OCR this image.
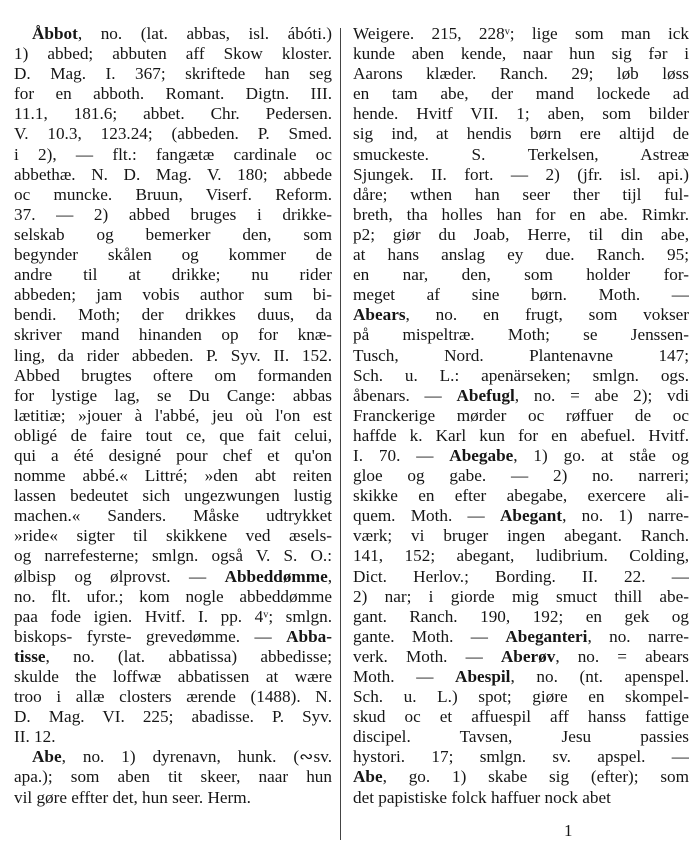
Åbbot, no. (lat. abbas, isl. ábóti.)
1) abbed; abbuten aff Skow kloster.
D. Mag. I. 367; skriftede han seg
for en abboth. Romant. Digtn. III.
11.1, 181.6; abbet. Chr. Pedersen.
V. 10.3, 123.24; (abbeden. P. Smed.
i 2), — flt.: fangætæ cardinale oc
abbethæ. N. D. Mag. V. 180; abbede
oc muncke. Bruun, Viserf. Reform.
37. — 2) abbed bruges i drikke-
selskab og bemerker den, som
begynder skålen og kommer de
andre til at drikke; nu rider
abbeden; jam vobis author sum bi-
bendi. Moth; der drikkes duus, da
skriver mand hinanden op for knæ-
ling, da rider abbeden. P. Syv. II. 152.
Abbed brugtes oftere om formanden
for lystige lag, se Du Cange: abbas
lætitiæ; »jouer à l'abbé, jeu où l'on est
obligé de faire tout ce, que fait celui,
qui a été designé pour chef et qu'on
nomme abbé.« Littré; »den abt reiten
lassen bedeutet sich ungezwungen lustig
machen.« Sanders. Måske udtrykket
»ride« sigter til skikkene ved æsels-
og narrefesterne; smlgn. også V. S. O.:
ølbisp og ølprovst. — Abbeddømme,
no. flt. ufor.; kom nogle abbeddømme
paa fode igien. Hvitf. I. pp. 4ᵛ; smlgn.
biskops- fyrste- grevedømme. — Abba-
tisse, no. (lat. abbatissa) abbedisse;
skulde the loffwæ abbatissen at wære
troo i allæ closters ærende (1488). N.
D. Mag. VI. 225; abadisse. P. Syv.
II. 12.
Abe, no. 1) dyrenavn, hunk. (∾sv.
apa.); som aben tit skeer, naar hun
vil gøre effter det, hun seer. Herm.
Weigere. 215, 228ᵛ; lige som man ick
kunde aben kende, naar hun sig fər i
Aarons klæder. Ranch. 29; løb løss
en tam abe, der mand lockede ad
hende. Hvitf VII. 1; aben, som bilder
sig ind, at hendis børn ere altijd de
smuckeste. S. Terkelsen, Astreæ
Sjungek. II. fort. — 2) (jfr. isl. api.)
dåre; wthen han seer ther tijl ful-
breth, tha holles han for en abe. Rimkr.
p2; giør du Joab, Herre, til din abe,
at hans anslag ey due. Ranch. 95;
en nar, den, som holder for-
meget af sine børn. Moth. —
Abears, no. en frugt, som vokser
på mispeltræ. Moth; se Jenssen-
Tusch, Nord. Plantenavne 147;
Sch. u. L.: apenärseken; smlgn. ogs.
åbenars. — Abefugl, no. = abe 2); vdi
Franckerige mørder oc røffuer de oc
haffde k. Karl kun for en abefuel. Hvitf.
I. 70. — Abegabe, 1) go. at ståe og
gloe og gabe. — 2) no. narreri;
skikke en efter abegabe, exercere ali-
quem. Moth. — Abegant, no. 1) narre-
værk; vi bruger ingen abegant. Ranch.
141, 152; abegant, ludibrium. Colding,
Dict. Herlov.; Bording. II. 22. —
2) nar; i giorde mig smuct thill abe-
gant. Ranch. 190, 192; en gek og
gante. Moth. — Abeganteri, no. narre-
verk. Moth. — Aberøv, no. = abears
Moth. — Abespil, no. (nt. apenspel.
Sch. u. L.) spot; giøre en skompel-
skud oc et affuespil aff hanss fattige
discipel. Tavsen, Jesu passies
hystori. 17; smlgn. sv. apspel. —
Abe, go. 1) skabe sig (efter); som
det papistiske folck haffuer nock abet
1
